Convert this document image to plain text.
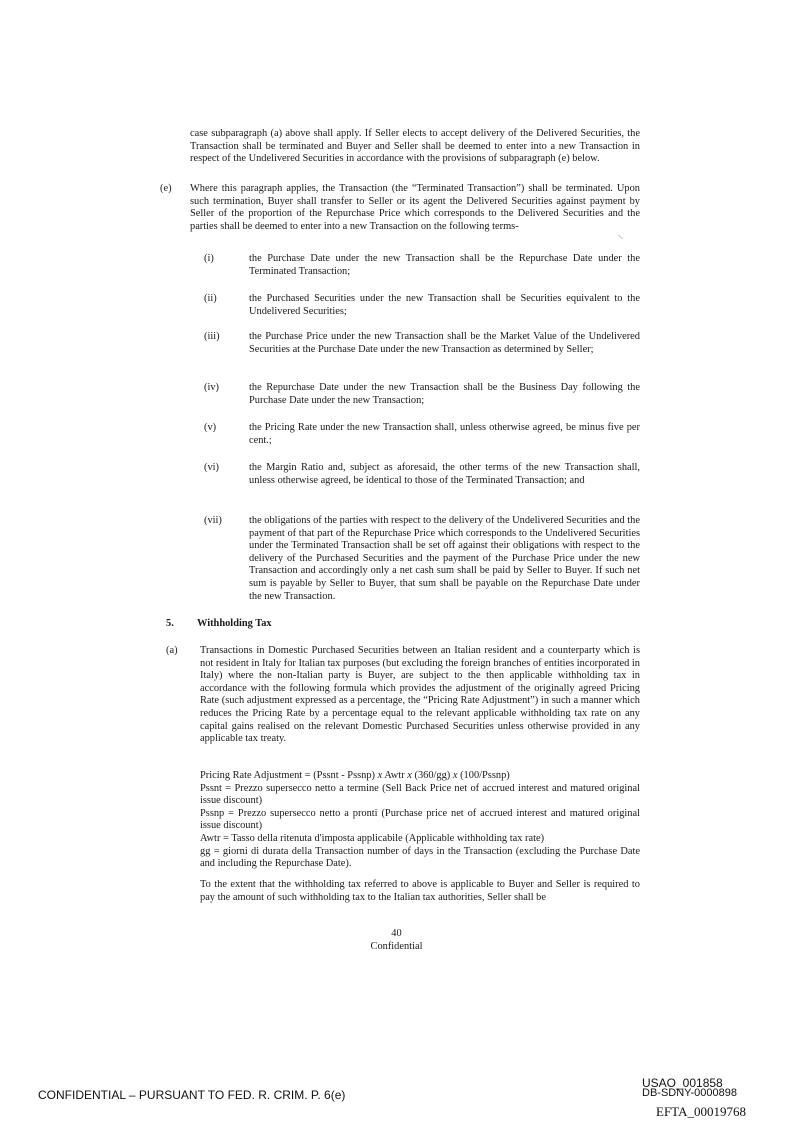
case subparagraph (a) above shall apply. If Seller elects to accept delivery of the Delivered Securities, the Transaction shall be terminated and Buyer and Seller shall be deemed to enter into a new Transaction in respect of the Undelivered Securities in accordance with the provisions of subparagraph (e) below.

(e) Where this paragraph applies, the Transaction (the “Terminated Transaction”) shall be terminated. Upon such termination, Buyer shall transfer to Seller or its agent the Delivered Securities against payment by Seller of the proportion of the Repurchase Price which corresponds to the Delivered Securities and the parties shall be deemed to enter into a new Transaction on the following terms-

(i)	the Purchase Date under the new Transaction shall be the Repurchase Date under the Terminated Transaction;
(ii)	the Purchased Securities under the new Transaction shall be Securities equivalent to the Undelivered Securities;
(iii)	the Purchase Price under the new Transaction shall be the Market Value of the Undelivered Securities at the Purchase Date under the new Transaction as determined by Seller;
(iv)	the Repurchase Date under the new Transaction shall be the Business Day following the Purchase Date under the new Transaction;
(v)	the Pricing Rate under the new Transaction shall, unless otherwise agreed, be minus five per cent.;
(vi)	the Margin Ratio and, subject as aforesaid, the other terms of the new Transaction shall, unless otherwise agreed, be identical to those of the Terminated Transaction; and
(vii)	the obligations of the parties with respect to the delivery of the Undelivered Securities and the payment of that part of the Repurchase Price which corresponds to the Undelivered Securities under the Terminated Transaction shall be set off against their obligations with respect to the delivery of the Purchased Securities and the payment of the Purchase Price under the new Transaction and accordingly only a net cash sum shall be paid by Seller to Buyer. If such net sum is payable by Seller to Buyer, that sum shall be payable on the Repurchase Date under the new Transaction.
5. Withholding Tax
(a) Transactions in Domestic Purchased Securities between an Italian resident and a counterparty which is not resident in Italy for Italian tax purposes (but excluding the foreign branches of entities incorporated in Italy) where the non-Italian party is Buyer, are subject to the then applicable withholding tax in accordance with the following formula which provides the adjustment of the originally agreed Pricing Rate (such adjustment expressed as a percentage, the “Pricing Rate Adjustment”) in such a manner which reduces the Pricing Rate by a percentage equal to the relevant applicable withholding tax rate on any capital gains realised on the relevant Domestic Purchased Securities unless otherwise provided in any applicable tax treaty.

Pricing Rate Adjustment = (Pssnt - Pssnp) x Awtr x (360/gg) x (100/Pssnp)

Pssnt = Prezzo supersecco netto a termine (Sell Back Price net of accrued interest and matured original issue discount)

Pssnp = Prezzo supersecco netto a pronti (Purchase price net of accrued interest and matured original issue discount)

Awtr = Tasso della ritenuta d'imposta applicabile (Applicable withholding tax rate)

gg = giorni di durata della Transaction number of days in the Transaction (excluding the Purchase Date and including the Repurchase Date).

To the extent that the withholding tax referred to above is applicable to Buyer and Seller is required to pay the amount of such withholding tax to the Italian tax authorities, Seller shall be

40
Confidential
CONFIDENTIAL – PURSUANT TO FED. R. CRIM. P. 6(e)
USAO_001858
DB-SDNY-0000898
EFTA_00019768
